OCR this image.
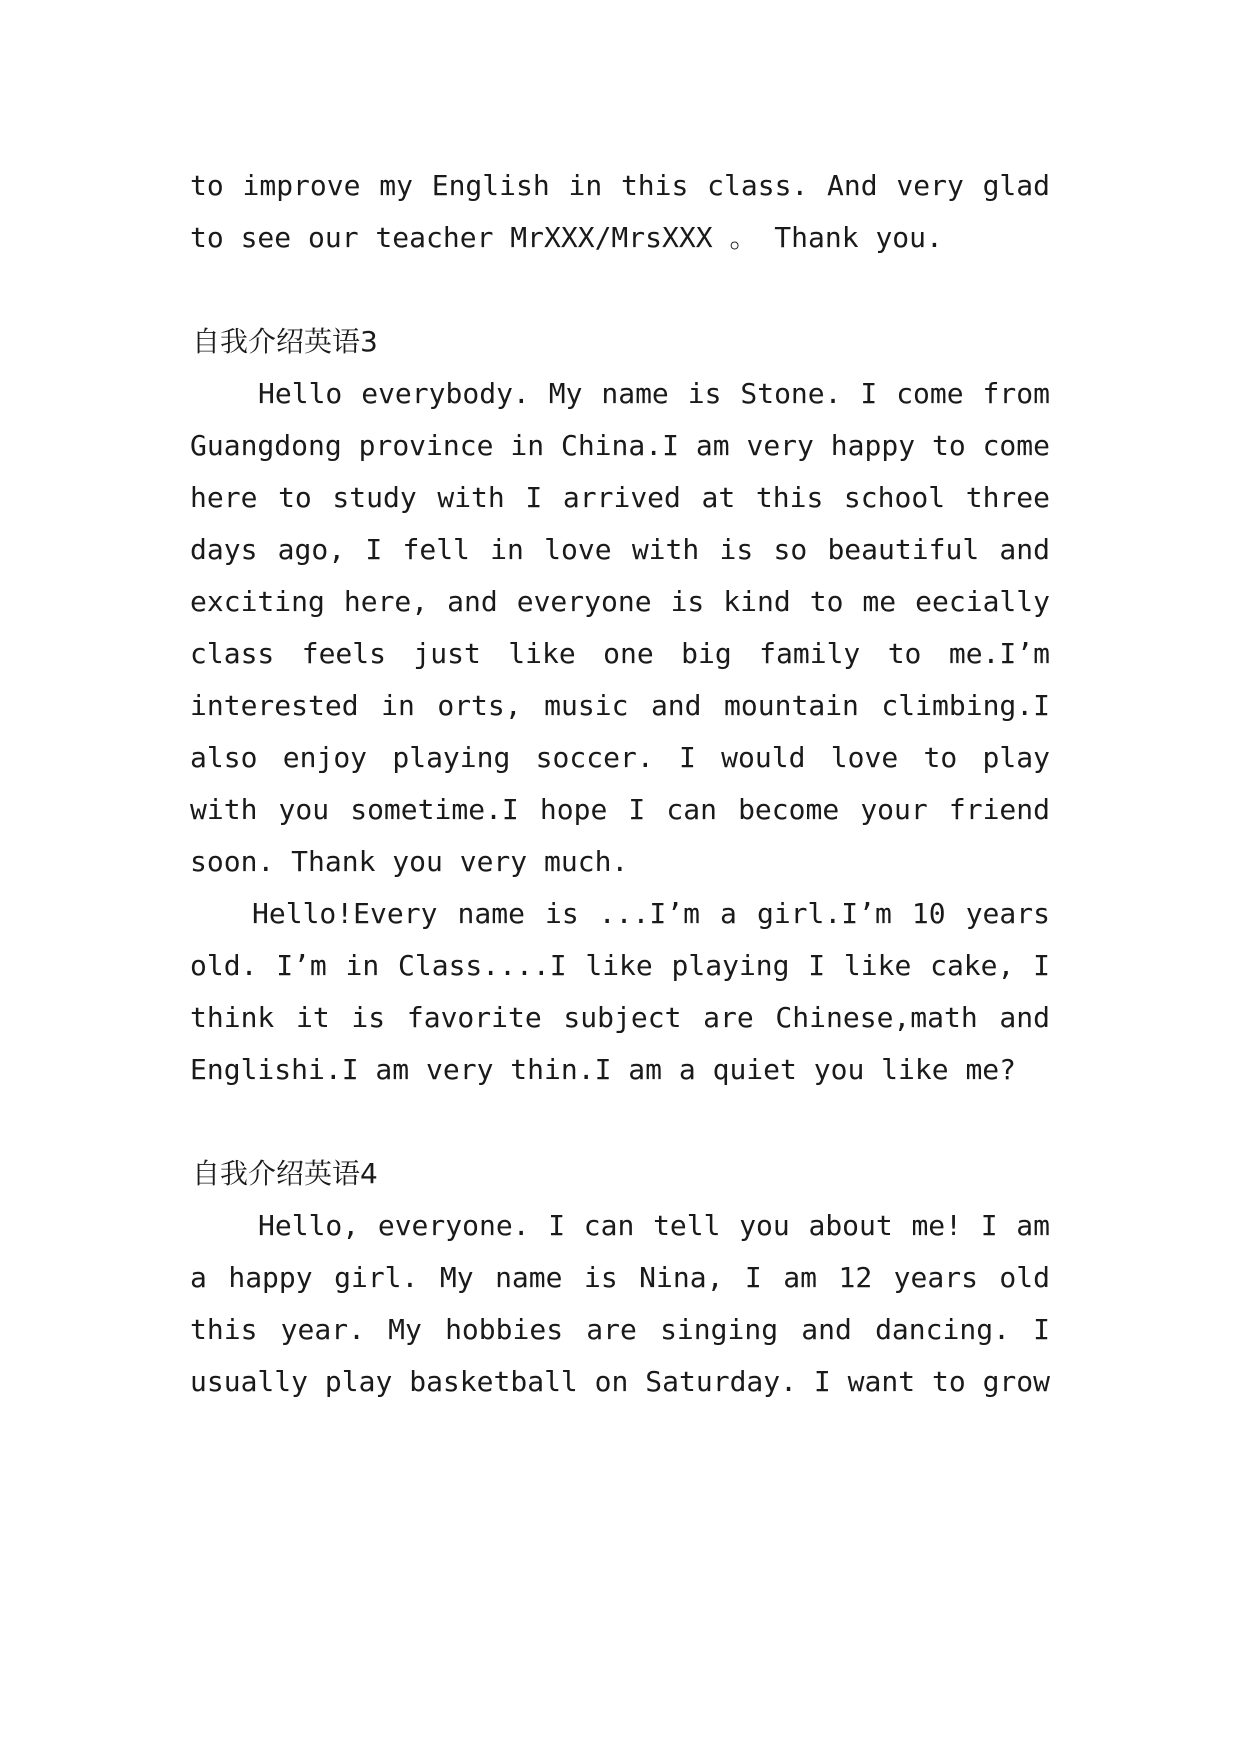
to improve my English in this class. And very glad
to see our teacher MrXXX/MrsXXX 。 Thank you.
自我介绍英语3
Hello everybody. My name is Stone. I come from
Guangdong province in China.I am very happy to come
here to study with I arrived at this school three
days ago, I fell in love with is so beautiful and
exciting here, and everyone is kind to me eecially
class feels just like one big family to me.I’m
interested in orts, music and mountain climbing.I
also enjoy playing soccer. I would love to play
with you sometime.I hope I can become your friend
soon. Thank you very much.
Hello!Every name is ...I’m a girl.I’m 10 years
old. I’m in Class....I like playing I like cake, I
think it is favorite subject are Chinese,math and
Englishi.I am very thin.I am a quiet you like me?
自我介绍英语4
Hello, everyone. I can tell you about me! I am
a happy girl. My name is Nina, I am 12 years old
this year. My hobbies are singing and dancing. I
usually play basketball on Saturday. I want to grow
